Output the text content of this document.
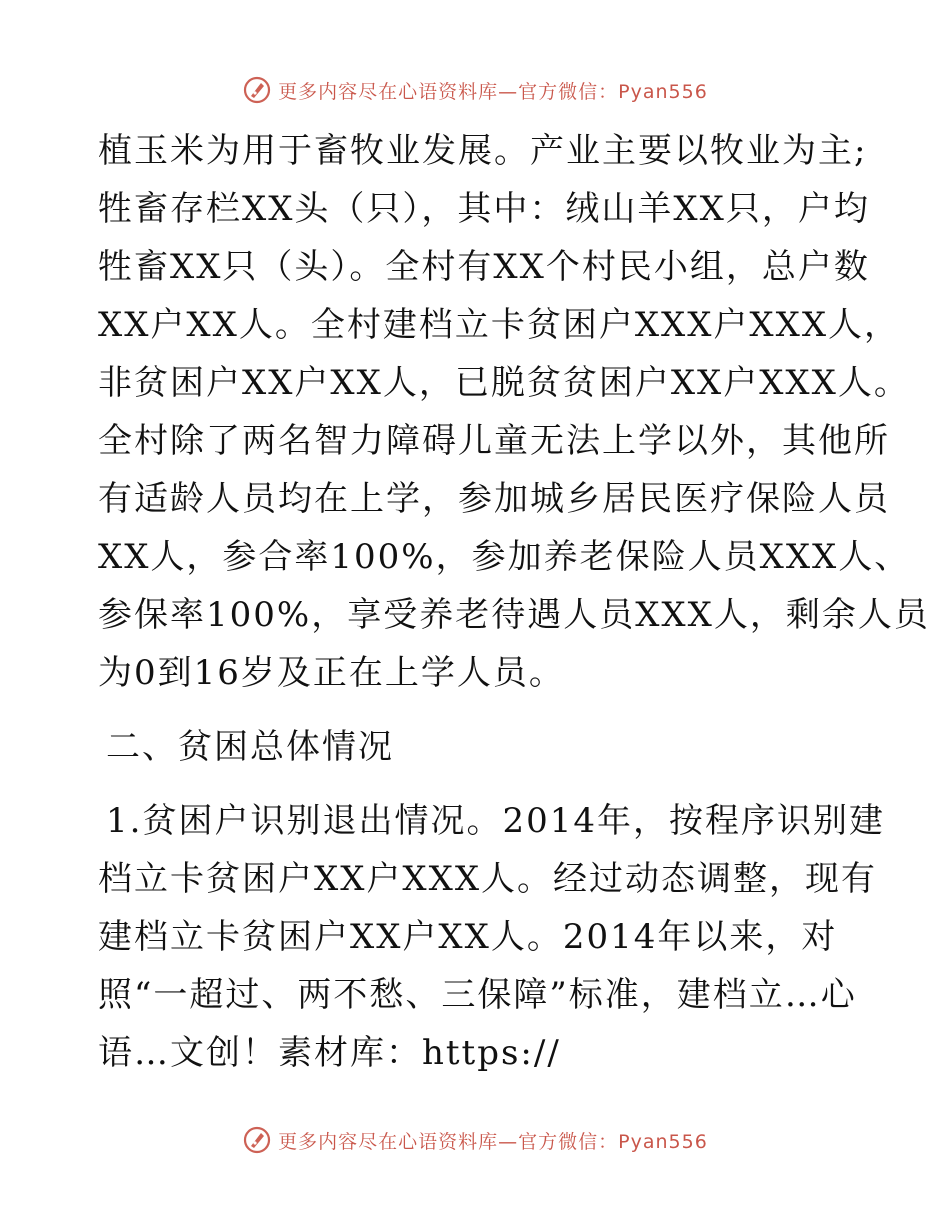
更多内容尽在心语资料库—官方微信：Pyan556

植玉米为用于畜牧业发展。产业主要以牧业为主;
牲畜存栏XX头（只），其中：绒山羊XX只，户均
牲畜XX只（头）。全村有XX个村民小组，总户数
XX户XX人。全村建档立卡贫困户XXX户XXX人，
非贫困户XX户XX人，已脱贫贫困户XX户XXX人。
全村除了两名智力障碍儿童无法上学以外，其他所
有适龄人员均在上学，参加城乡居民医疗保险人员
XX人，参合率100%，参加养老保险人员XXX人、
参保率100%，享受养老待遇人员XXX人，剩余人员
为0到16岁及正在上学人员。

二、贫困总体情况

1.贫困户识别退出情况。2014年，按程序识别建
档立卡贫困户XX户XXX人。经过动态调整，现有
建档立卡贫困户XX户XX人。2014年以来，对
照“一超过、两不愁、三保障”标准，建档立…心
语…文创！素材库：https://

更多内容尽在心语资料库—官方微信：Pyan556
